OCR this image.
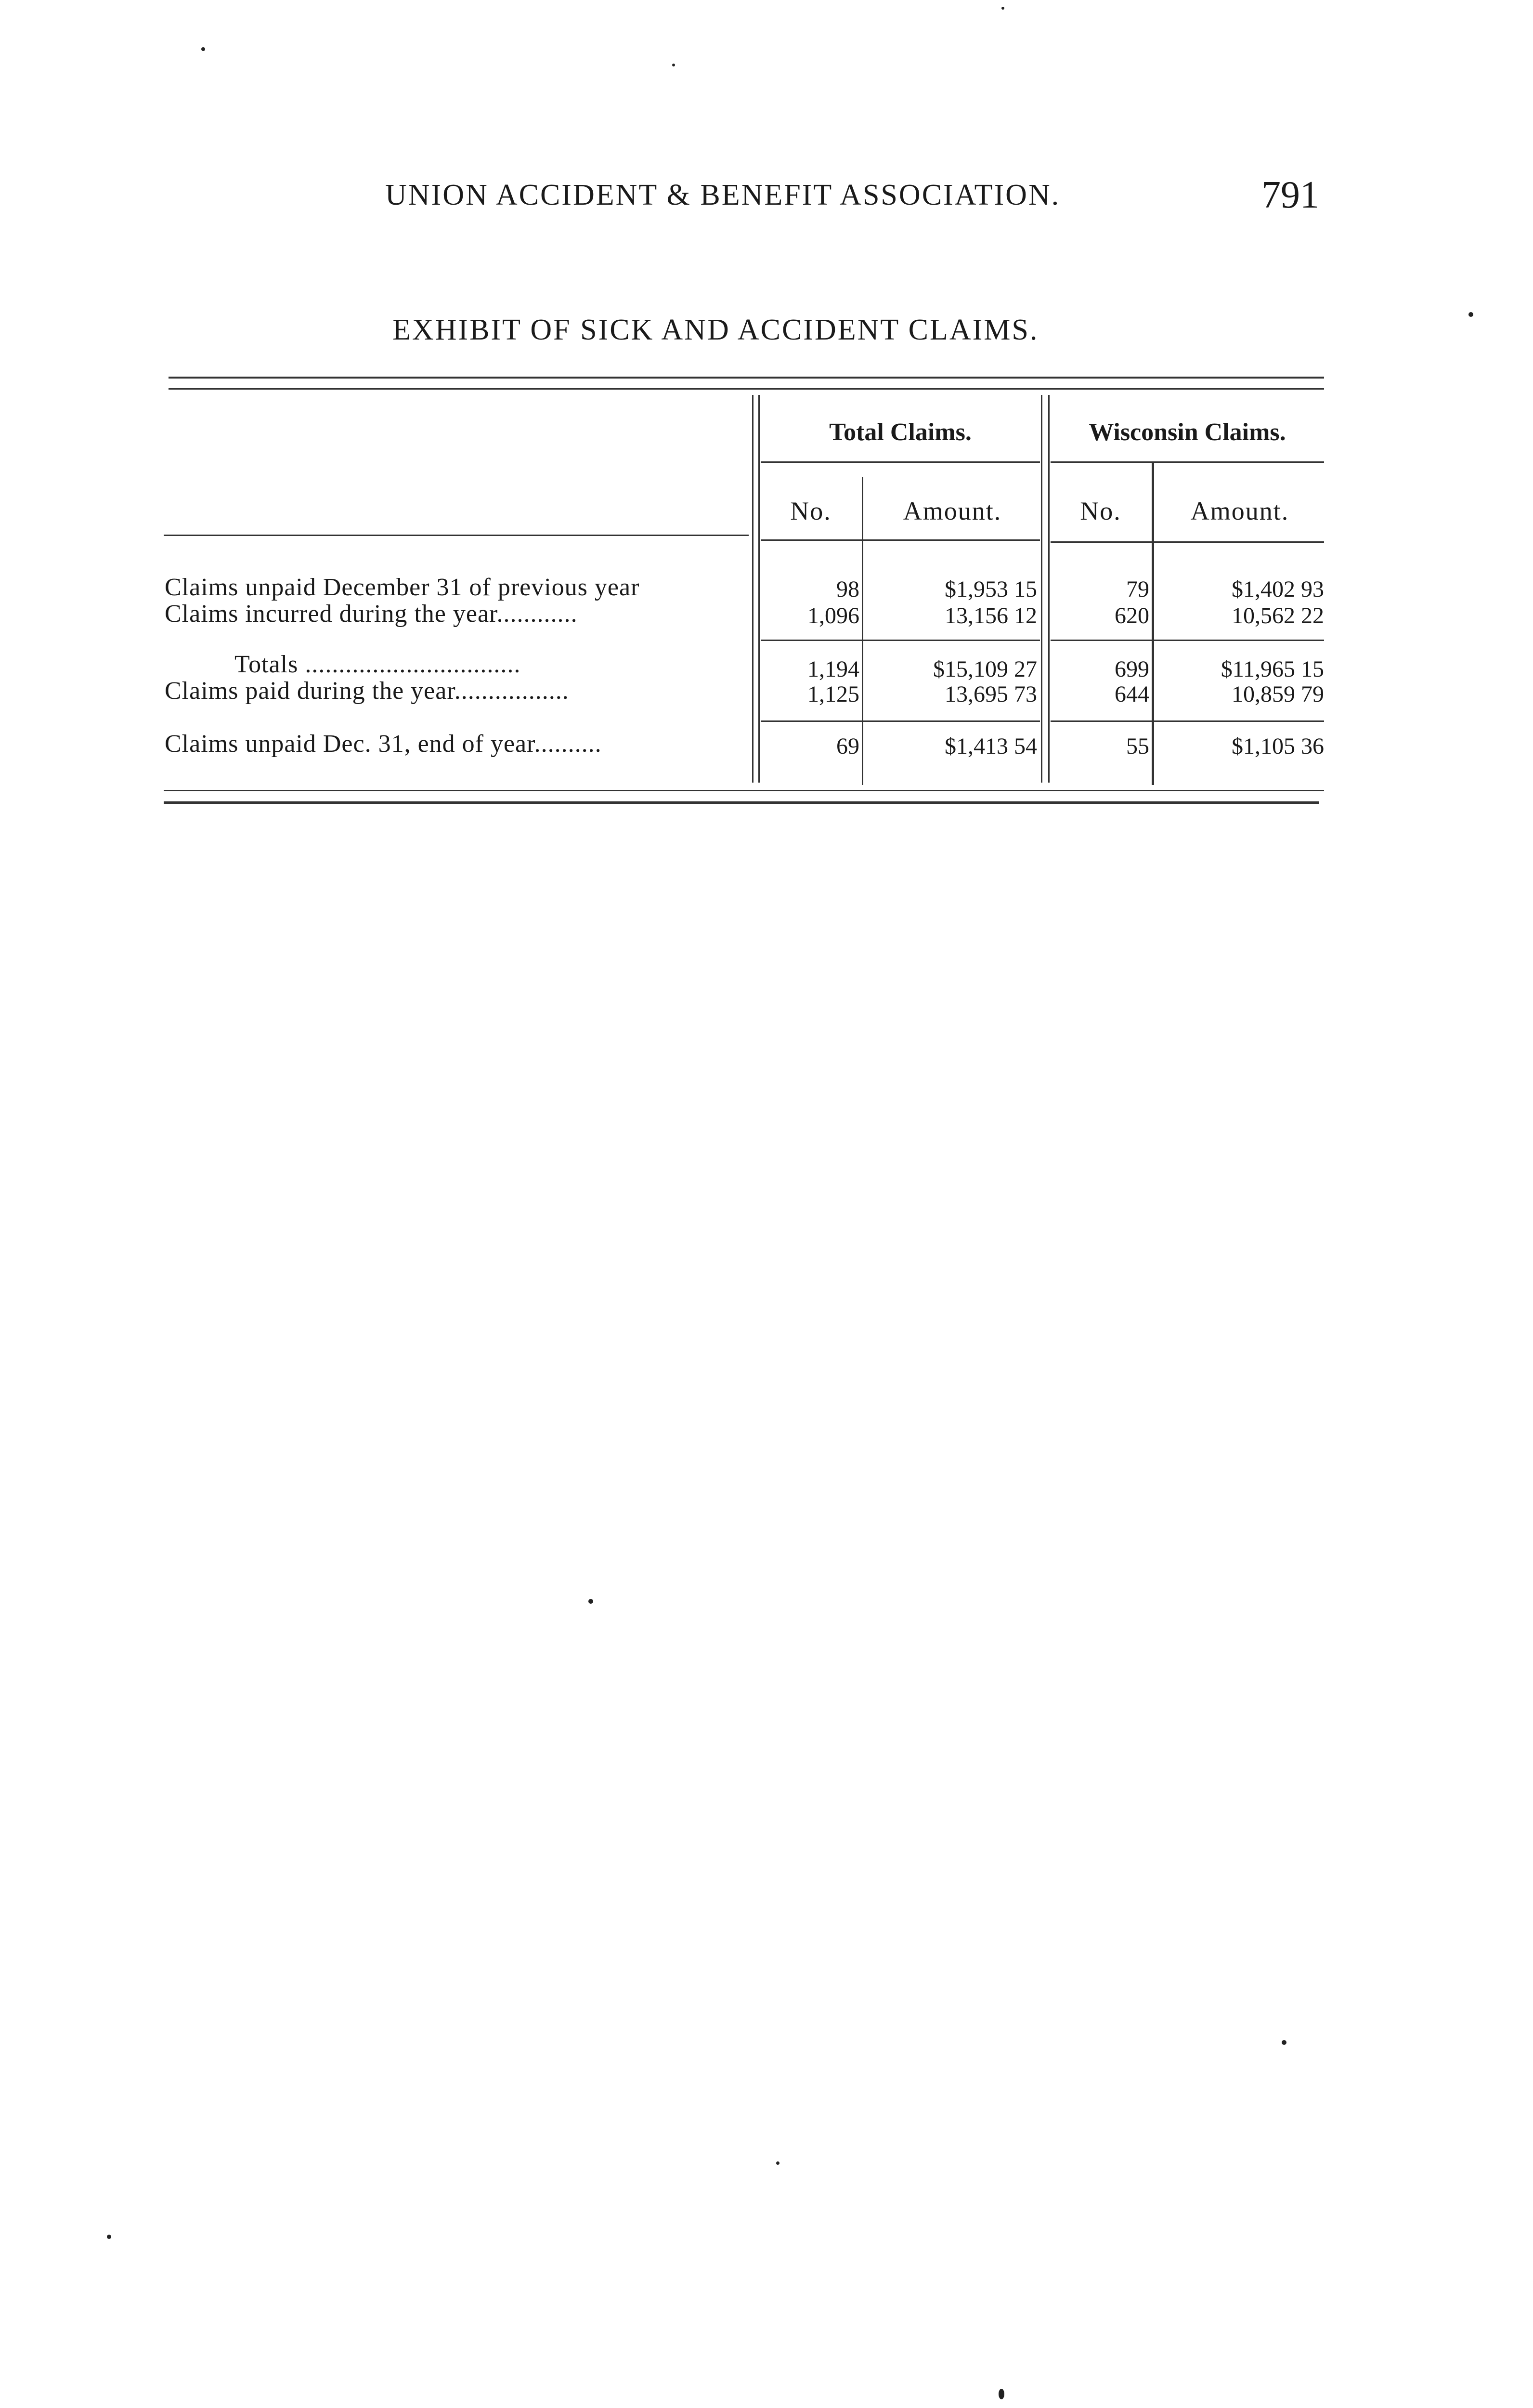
UNION ACCIDENT & BENEFIT ASSOCIATION.	791
EXHIBIT OF SICK AND ACCIDENT CLAIMS.
Total Claims.	Wisconsin Claims.
No.	Amount.	No.	Amount.
Claims unpaid December 31 of previous year	98	$1,953 15	79	$1,402 93
Claims incurred during the year............	1,096	13,156 12	620	10,562 22
Totals ................................	1,194	$15,109 27	699	$11,965 15
Claims paid during the year.................	1,125	13,695 73	644	10,859 79
Claims unpaid Dec. 31, end of year..........	69	$1,413 54	55	$1,105 36
